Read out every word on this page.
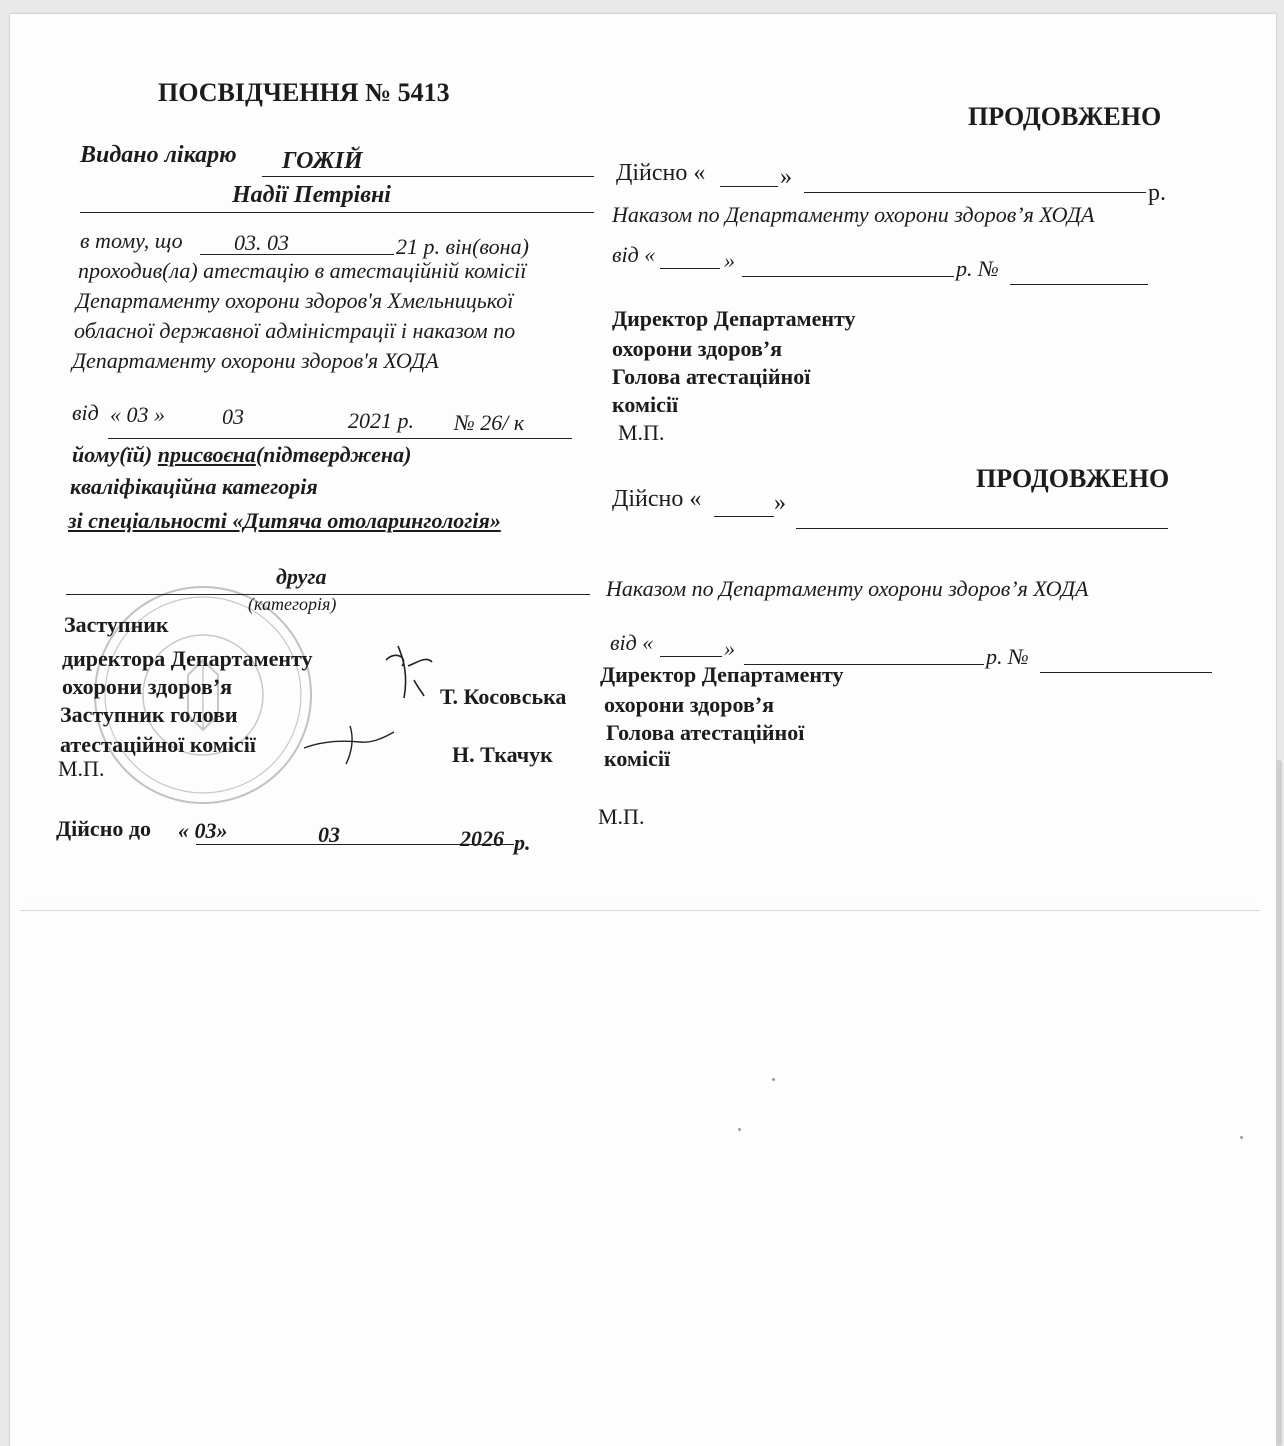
ПОСВІДЧЕННЯ № 5413
Видано лікарю ГОЖІЙ
Надії Петрівні
в тому, що 03. 03	21 р. він(вона)
проходив(ла) атестацію в атестаційній комісії
Департаменту охорони здоров'я Хмельницької
обласної державної адміністрації і наказом по
Департаменту охорони здоров'я ХОДА
від « 03 »	03	2021 р. № 26/ к
йому(їй) присвоєна(підтверджена)
кваліфікаційна категорія
зі спеціальності «Дитяча отоларингологія»
друга
(категорія)
Заступник
директора Департаменту
охорони здоров’я	Т. Косовська
Заступник голови
атестаційної комісії	Н. Ткачук
М.П.
Дійсно до « 03»	03	2026 р.
ПРОДОВЖЕНО
Дійсно «	»
р.
Наказом по Департаменту охорони здоров’я ХОДА
від «	»	р. №
Директор Департаменту
охорони здоров’я
Голова атестаційної
комісії
М.П.
ПРОДОВЖЕНО
Дійсно «	»
Наказом по Департаменту охорони здоров’я ХОДА
від «	»	р. №
Директор Департаменту
охорони здоров’я
Голова атестаційної
комісії
М.П.
